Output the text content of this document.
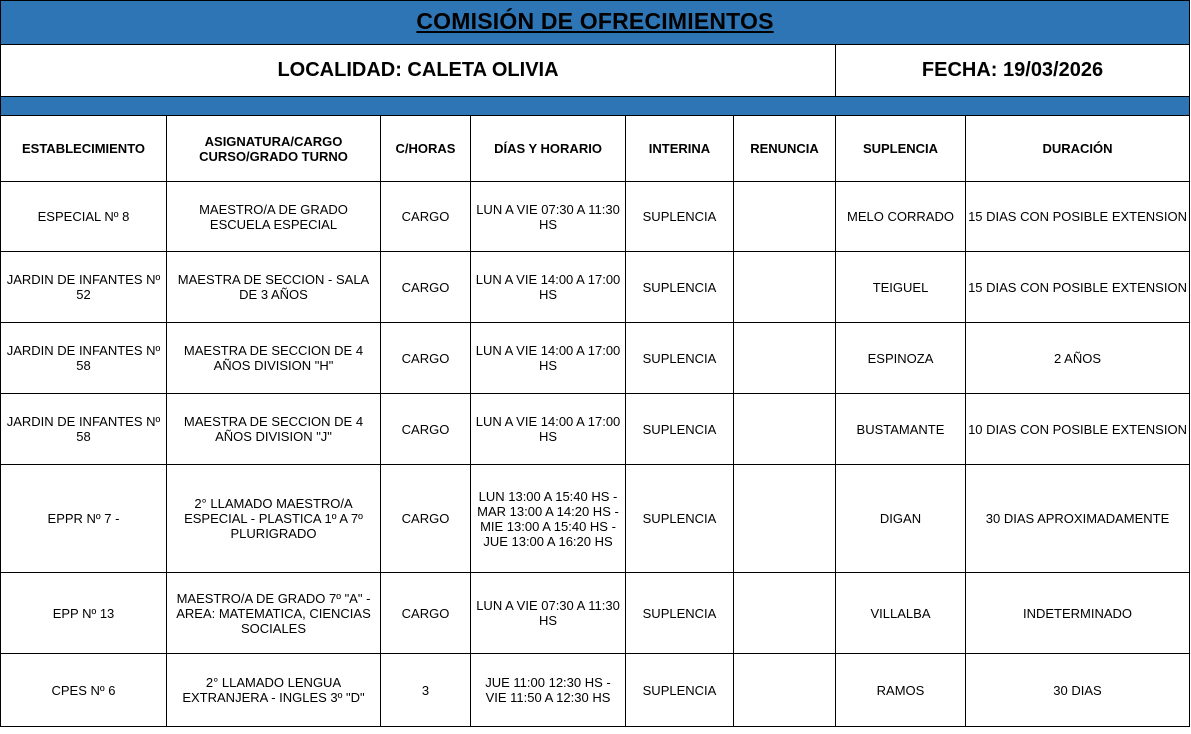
COMISIÓN DE OFRECIMIENTOS							
LOCALIDAD: CALETA OLIVIA						FECHA: 19/03/2026	

ESTABLECIMIENTO	ASIGNATURA/CARGO CURSO/GRADO TURNO	C/HORAS	DÍAS Y HORARIO	INTERINA	RENUNCIA	SUPLENCIA	DURACIÓN
ESPECIAL Nº 8	MAESTRO/A DE GRADO ESCUELA ESPECIAL	CARGO	LUN A VIE 07:30 A 11:30 HS	SUPLENCIA		MELO CORRADO	15 DIAS CON POSIBLE EXTENSION
JARDIN DE INFANTES Nº 52	MAESTRA DE SECCION - SALA DE 3 AÑOS	CARGO	LUN A VIE 14:00 A 17:00 HS	SUPLENCIA		TEIGUEL	15 DIAS CON POSIBLE EXTENSION
JARDIN DE INFANTES Nº 58	MAESTRA DE SECCION DE 4 AÑOS DIVISION "H"	CARGO	LUN A VIE 14:00 A 17:00 HS	SUPLENCIA		ESPINOZA	2 AÑOS
JARDIN DE INFANTES Nº 58	MAESTRA DE SECCION DE 4 AÑOS DIVISION "J"	CARGO	LUN A VIE 14:00 A 17:00 HS	SUPLENCIA		BUSTAMANTE	10 DIAS CON POSIBLE EXTENSION
EPPR Nº 7 -	2° LLAMADO MAESTRO/A ESPECIAL - PLASTICA 1º A 7º PLURIGRADO	CARGO	LUN 13:00 A 15:40 HS - MAR 13:00 A 14:20 HS - MIE 13:00 A 15:40 HS - JUE 13:00 A 16:20 HS	SUPLENCIA		DIGAN	30 DIAS APROXIMADAMENTE
EPP Nº 13	MAESTRO/A DE GRADO 7º "A" - AREA: MATEMATICA, CIENCIAS SOCIALES	CARGO	LUN A VIE 07:30 A 11:30 HS	SUPLENCIA		VILLALBA	INDETERMINADO
CPES Nº 6	2° LLAMADO LENGUA EXTRANJERA - INGLES 3º "D"	3	JUE 11:00 12:30 HS - VIE 11:50 A 12:30 HS	SUPLENCIA		RAMOS	30 DIAS
